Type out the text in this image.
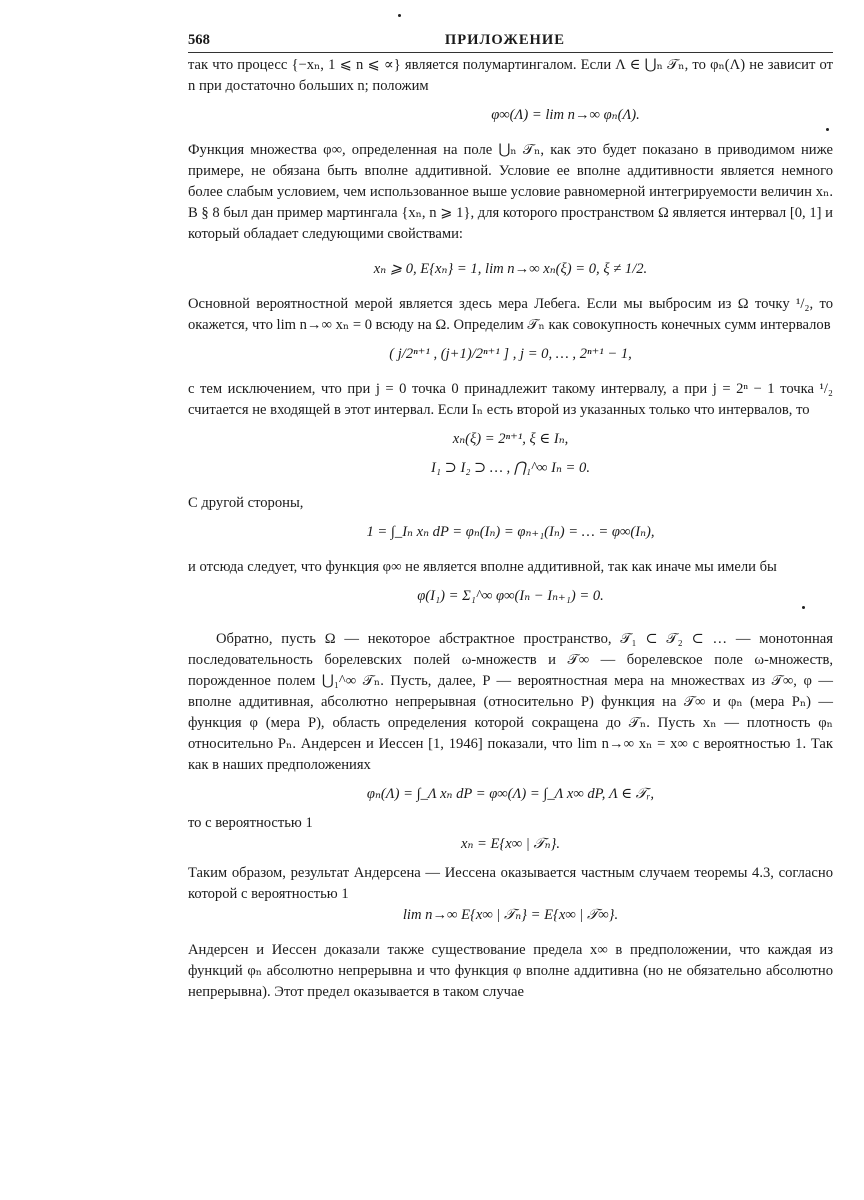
568	ПРИЛОЖЕНИЕ

так что процесс {−xₙ, 1 ⩽ n ⩽ ∝} является полумартингалом. Если Λ ∈ ⋃ₙ 𝒯ₙ, то φₙ(Λ) не зависит от n при достаточно больших n; положим

φ∞(Λ) = lim n→∞ φₙ(Λ).

Функция множества φ∞, определенная на поле ⋃ₙ 𝒯ₙ, как это будет показано в приводимом ниже примере, не обязана быть вполне аддитивной. Условие ее вполне аддитивности является немного более слабым условием, чем использованное выше условие равномерной интегрируемости величин xₙ. В § 8 был дан пример мартингала {xₙ, n ⩾ 1}, для которого пространством Ω является интервал [0, 1] и который обладает следующими свойствами:

xₙ ⩾ 0, E{xₙ} = 1, lim n→∞ xₙ(ξ) = 0, ξ ≠ 1/2.

Основной вероятностной мерой является здесь мера Лебега. Если мы выбросим из Ω точку ¹/₂, то окажется, что lim n→∞ xₙ = 0 всюду на Ω. Определим 𝒯ₙ как совокупность конечных сумм интервалов

( j/2ⁿ⁺¹ , (j+1)/2ⁿ⁺¹ ] , j = 0, … , 2ⁿ⁺¹ − 1,

с тем исключением, что при j = 0 точка 0 принадлежит такому интервалу, а при j = 2ⁿ − 1 точка ¹/₂ считается не входящей в этот интервал. Если Iₙ есть второй из указанных только что интервалов, то

xₙ(ξ) = 2ⁿ⁺¹, ξ ∈ Iₙ,

I₁ ⊃ I₂ ⊃ … , ⋂₁^∞ Iₙ = 0.

С другой стороны,

1 = ∫_Iₙ xₙ dP = φₙ(Iₙ) = φₙ₊₁(Iₙ) = … = φ∞(Iₙ),

и отсюда следует, что функция φ∞ не является вполне аддитивной, так как иначе мы имели бы

φ(I₁) = Σ₁^∞ φ∞(Iₙ − Iₙ₊₁) = 0.

Обратно, пусть Ω — некоторое абстрактное пространство, 𝒯₁ ⊂ 𝒯₂ ⊂ … — монотонная последовательность борелевских полей ω-множеств и 𝒯∞ — борелевское поле ω-множеств, порожденное полем ⋃₁^∞ 𝒯ₙ. Пусть, далее, P — вероятностная мера на множествах из 𝒯∞, φ — вполне аддитивная, абсолютно непрерывная (относительно P) функция на 𝒯∞ и φₙ (мера Pₙ) — функция φ (мера P), область определения которой сокращена до 𝒯ₙ. Пусть xₙ — плотность φₙ относительно Pₙ. Андерсен и Иессен [1, 1946] показали, что lim n→∞ xₙ = x∞ с вероятностью 1. Так как в наших предположениях

φₙ(Λ) = ∫_Λ xₙ dP = φ∞(Λ) = ∫_Λ x∞ dP, Λ ∈ 𝒯ᵣ,

то с вероятностью 1

xₙ = E{x∞ | 𝒯ₙ}.

Таким образом, результат Андерсена — Иессена оказывается частным случаем теоремы 4.3, согласно которой с вероятностью 1

lim n→∞ E{x∞ | 𝒯ₙ} = E{x∞ | 𝒯∞}.

Андерсен и Иессен доказали также существование предела x∞ в предположении, что каждая из функций φₙ абсолютно непрерывна и что функция φ вполне аддитивна (но не обязательно абсолютно непрерывна). Этот предел оказывается в таком случае
